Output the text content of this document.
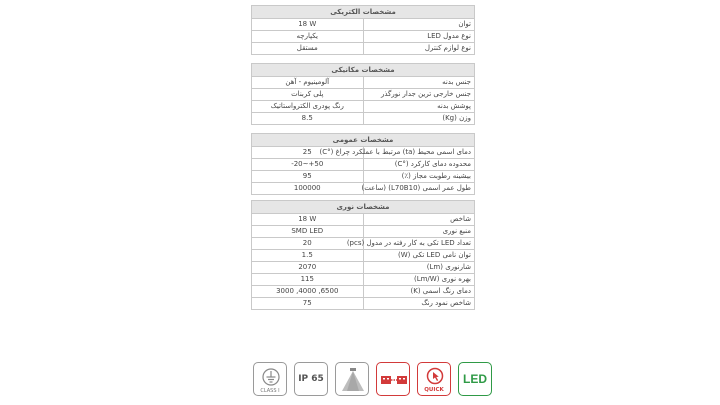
مشخصات الکتریکی	
18 W	توان
یکپارچه	نوع مدول LED
مستقل	نوع لوازم کنترل
مشخصات مکانیکی	
آلومینیوم - آهن	جنس بدنه
پلی کربنات	جنس خارجی ترین جدار نورگذر
رنگ پودری الکترواستاتیک	پوشش بدنه
8.5	وزن (Kg)
مشخصات عمومی	
25	دمای اسمی محیط (ta) مرتبط با عملکرد چراغ (°C)
-20~+50	محدوده دمای کارکرد (°C)
95	بیشینه رطوبت مجاز (٪)
100000	طول عمر اسمی (L70B10) (ساعت)
مشخصات نوری	
18 W	شاخص
SMD LED	منبع نوری
20	تعداد LED تکی به کار رفته در مدول (pcs)
1.5	توان نامی LED تکی (W)
2070	شارنوری (Lm)
115	بهره نوری (Lm/W)
3000 ,4000 ,6500	دمای رنگ اسمی (K)
75	شاخص نمود رنگ
CLASS I
IP 65
QUICK
LED
